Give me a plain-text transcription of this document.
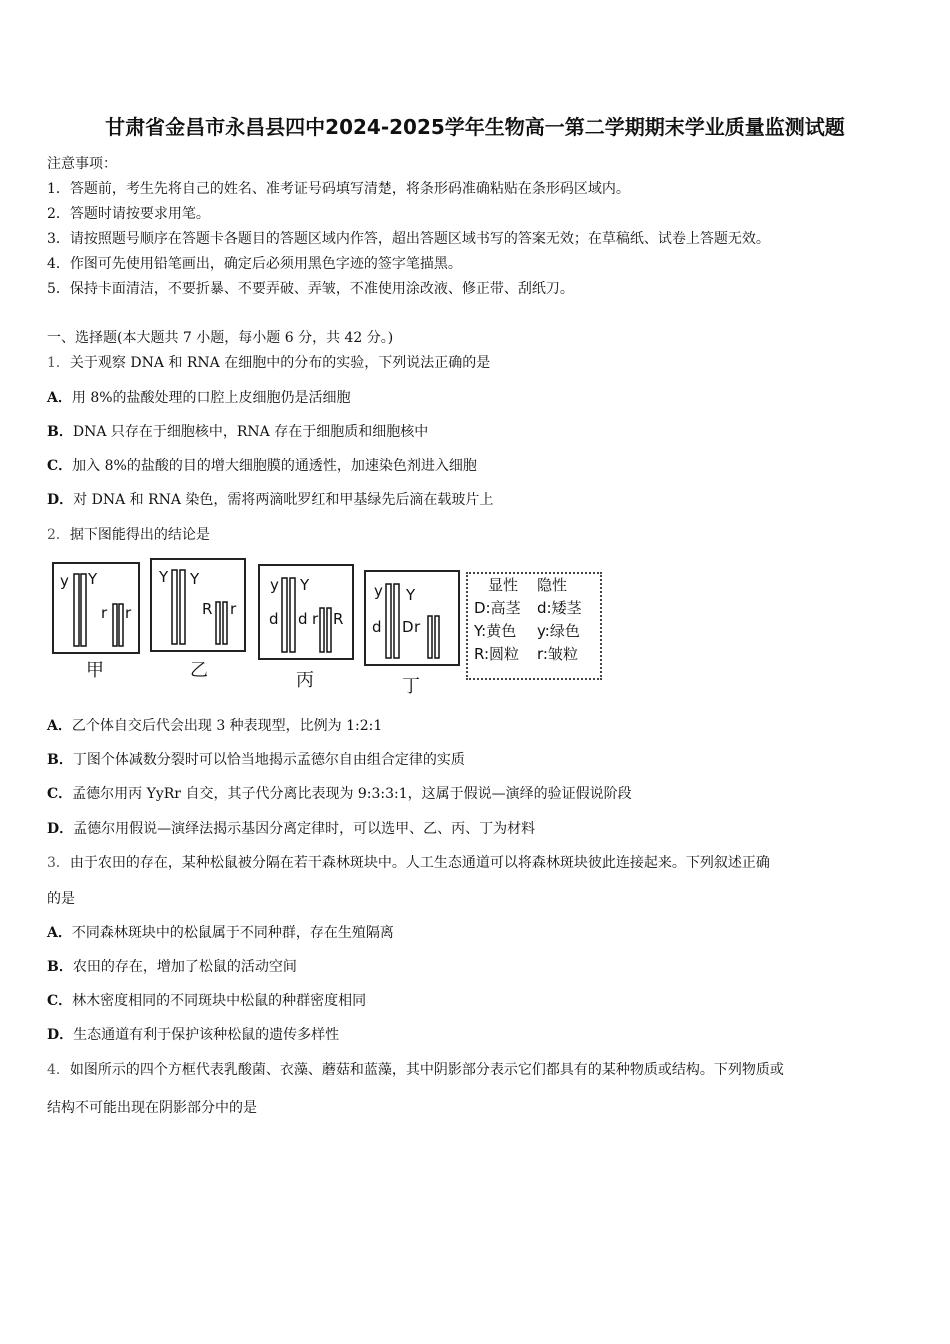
甘肃省金昌市永昌县四中2024-2025学年生物高一第二学期期末学业质量监测试题
注意事项：
1．答题前，考生先将自己的姓名、准考证号码填写清楚，将条形码准确粘贴在条形码区域内。
2．答题时请按要求用笔。
3．请按照题号顺序在答题卡各题目的答题区域内作答，超出答题区域书写的答案无效；在草稿纸、试卷上答题无效。
4．作图可先使用铅笔画出，确定后必须用黑色字迹的签字笔描黑。
5．保持卡面清洁，不要折暴、不要弄破、弄皱，不准使用涂改液、修正带、刮纸刀。
一、选择题(本大题共 7 小题，每小题 6 分，共 42 分。)
1．关于观察 DNA 和 RNA 在细胞中的分布的实验，下列说法正确的是
A．用 8%的盐酸处理的口腔上皮细胞仍是活细胞
B．DNA 只存在于细胞核中，RNA 存在于细胞质和细胞核中
C．加入 8%的盐酸的目的增大细胞膜的通透性，加速染色剂进入细胞
D．对 DNA 和 RNA 染色，需将两滴吡罗红和甲基绿先后滴在载玻片上
2．据下图能得出的结论是
y Y
r r
甲
Y Y
R r
乙
y Y
d d r R
丙
y Y
d D r
丁
显性	隐性
D:高茎	d:矮茎
Y:黄色	y:绿色
R:圆粒	r:皱粒
A．乙个体自交后代会出现 3 种表现型，比例为 1:2:1
B．丁图个体减数分裂时可以恰当地揭示孟德尔自由组合定律的实质
C．孟德尔用丙 YyRr 自交，其子代分离比表现为 9:3:3:1，这属于假说—演绎的验证假说阶段
D．孟德尔用假说—演绎法揭示基因分离定律时，可以选甲、乙、丙、丁为材料
3．由于农田的存在，某种松鼠被分隔在若干森林斑块中。人工生态通道可以将森林斑块彼此连接起来。下列叙述正确
的是
A．不同森林斑块中的松鼠属于不同种群，存在生殖隔离
B．农田的存在，增加了松鼠的活动空间
C．林木密度相同的不同斑块中松鼠的种群密度相同
D．生态通道有利于保护该种松鼠的遗传多样性
4．如图所示的四个方框代表乳酸菌、衣藻、蘑菇和蓝藻，其中阴影部分表示它们都具有的某种物质或结构。下列物质或
结构不可能出现在阴影部分中的是
